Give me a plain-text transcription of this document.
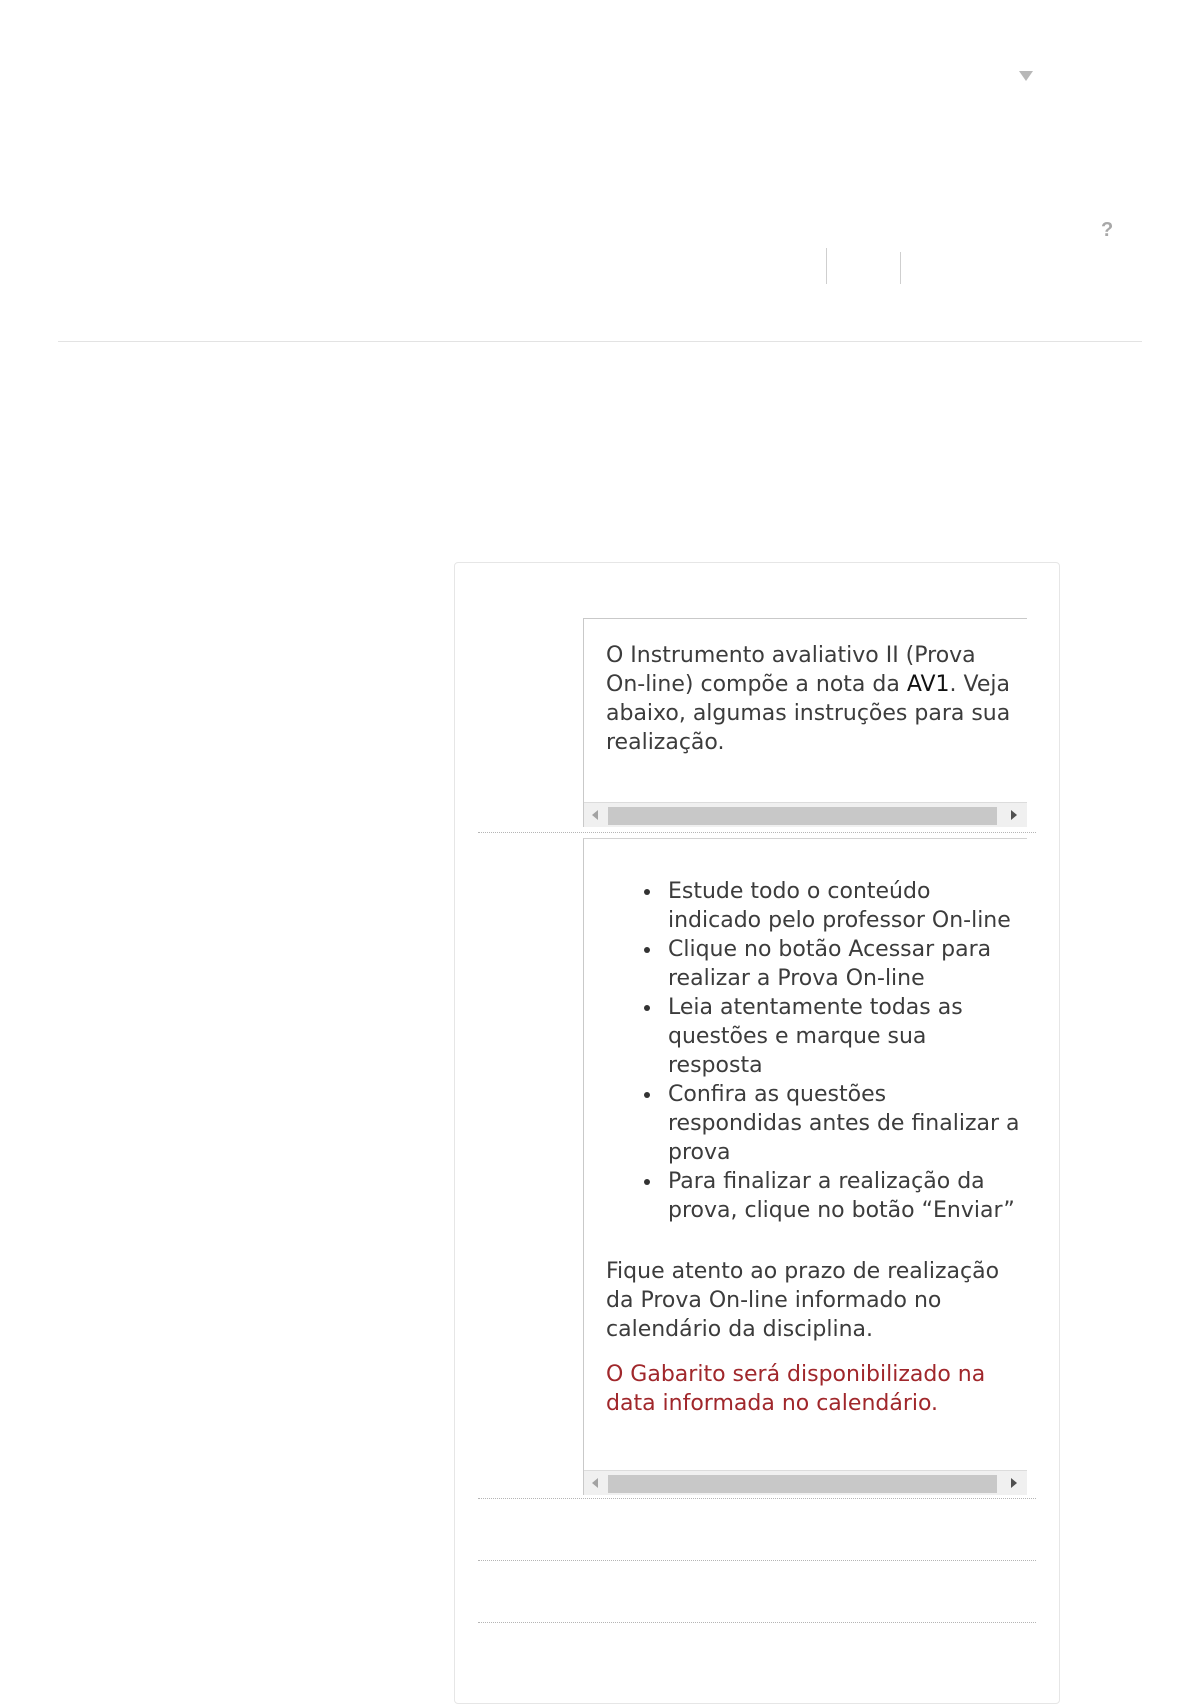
?

O Instrumento avaliativo II (Prova On-line) compõe a nota da AV1. Veja abaixo, algumas instruções para sua realização.

Estude todo o conteúdo indicado pelo professor On-line
Clique no botão Acessar para realizar a Prova On-line
Leia atentamente todas as questões e marque sua resposta
Confira as questões respondidas antes de finalizar a prova
Para finalizar a realização da prova, clique no botão “Enviar”

Fique atento ao prazo de realização da Prova On-line informado no calendário da disciplina.

O Gabarito será disponibilizado na data informada no calendário.
